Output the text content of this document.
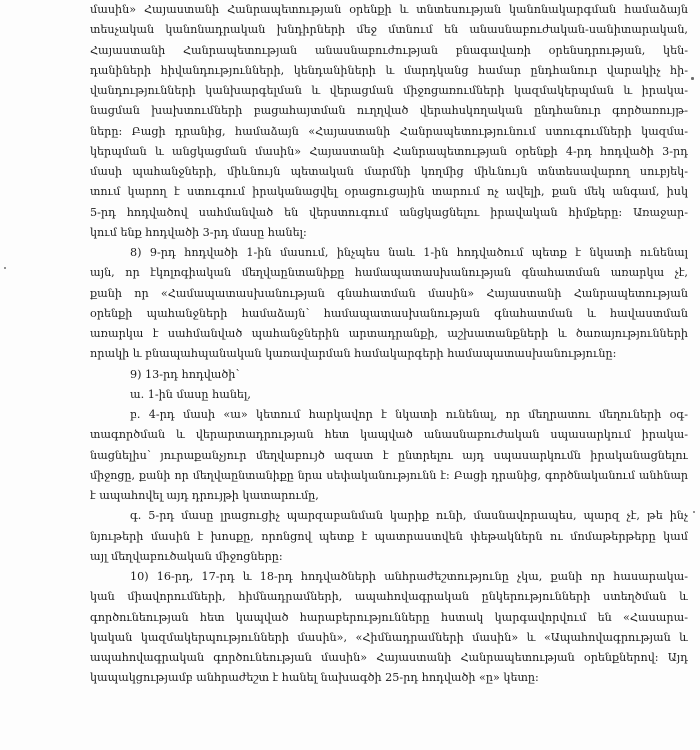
մասին» Հայաստանի Հանրապետության օրենքի և տնտեսության կանոնակարգման համաձայն
տեսչական կանոնադրական խնդիրների մեջ մտնում են անասնաբուժական-սանիտարական,
Հայաստանի Հանրապետության անասնաբուժության բնագավառի օրենսդրության, կեն-
դանիների հիվանդությունների, կենդանիների և մարդկանց համար ընդհանուր վարակիչ հի-
վանդությունների կանխարգելման և վերացման միջոցառումների կազմակերպման և իրակա-
նացման խախտումների բացահայտման ուղղված վերահսկողական ընդհանուր գործառույթ-
ները: Բացի դրանից, համաձայն «Հայաստանի Հանրապետությունում ստուգումների կազմա-
կերպման և անցկացման մասին» Հայաստանի Հանրապետության օրենքի 4-րդ հոդվածի 3-րդ
մասի պահանջների, միևնույն պետական մարմնի կողմից միևնույն տնտեսավարող սուբյեկ-
տում կարող է ստուգում իրականացվել օրացուցային տարում ոչ ավելի, քան մեկ անգամ, իսկ
5-րդ հոդվածով սահմանված են վերստուգում անցկացնելու իրավական հիմքերը: Առաջար-
կում ենք հոդվածի 3-րդ մասը հանել:
8) 9-րդ հոդվածի 1-ին մասում, ինչպես նաև 1-ին հոդվածում պետք է նկատի ունենալ
այն, որ էկոլոգիական մեղվաընտանիքը համապատասխանության գնահատման առարկա չէ,
քանի որ «Համապատասխանության գնահատման մասին» Հայաստանի Հանրապետության
օրենքի պահանջների համաձայն՝ համապատասխանության գնահատման և հավաստման
առարկա է սահմանված պահանջներին արտադրանքի, աշխատանքների և ծառայությունների
որակի և բնապահպանական կառավարման համակարգերի համապատասխանությունը:
9) 13-րդ հոդվածի՝
ա. 1-ին մասը հանել,
բ. 4-րդ մասի «ա» կետում հարկավոր է նկատի ունենալ, որ մեղրատու մեղուների օգ-
տագործման և վերարտադրության հետ կապված անասնաբուժական սպասարկում իրակա-
նացնելիս՝ յուրաքանչյուր մեղվաբույծ ազատ է ընտրելու այդ սպասարկումն իրականացնելու
միջոցը, քանի որ մեղվաընտանիքը նրա սեփականությունն է: Բացի դրանից, գործնականում անհնար
է ապահովել այդ դրույթի կատարումը,
գ. 5-րդ մասը լրացուցիչ պարզաբանման կարիք ունի, մասնավորապես, պարզ չէ, թե ինչ
նյութերի մասին է խոսքը, որոնցով պետք է պատրաստվեն փեթակներն ու մոմաթերթերը կամ
այլ մեղվաբուծական միջոցները:
10) 16-րդ, 17-րդ և 18-րդ հոդվածների անհրաժեշտությունը չկա, քանի որ հասարակա-
կան միավորումների, հիմնադրամների, ապահովագրական ընկերությունների ստեղծման և
գործունեության հետ կապված հարաբերությունները հստակ կարգավորվում են «Հասարա-
կական կազմակերպությունների մասին», «Հիմնադրամների մասին» և «Ապահովագրության և
ապահովագրական գործունեության մասին» Հայաստանի Հանրապետության օրենքներով: Այդ
կապակցությամբ անհրաժեշտ է հանել նախագծի 25-րդ հոդվածի «ը» կետը:
